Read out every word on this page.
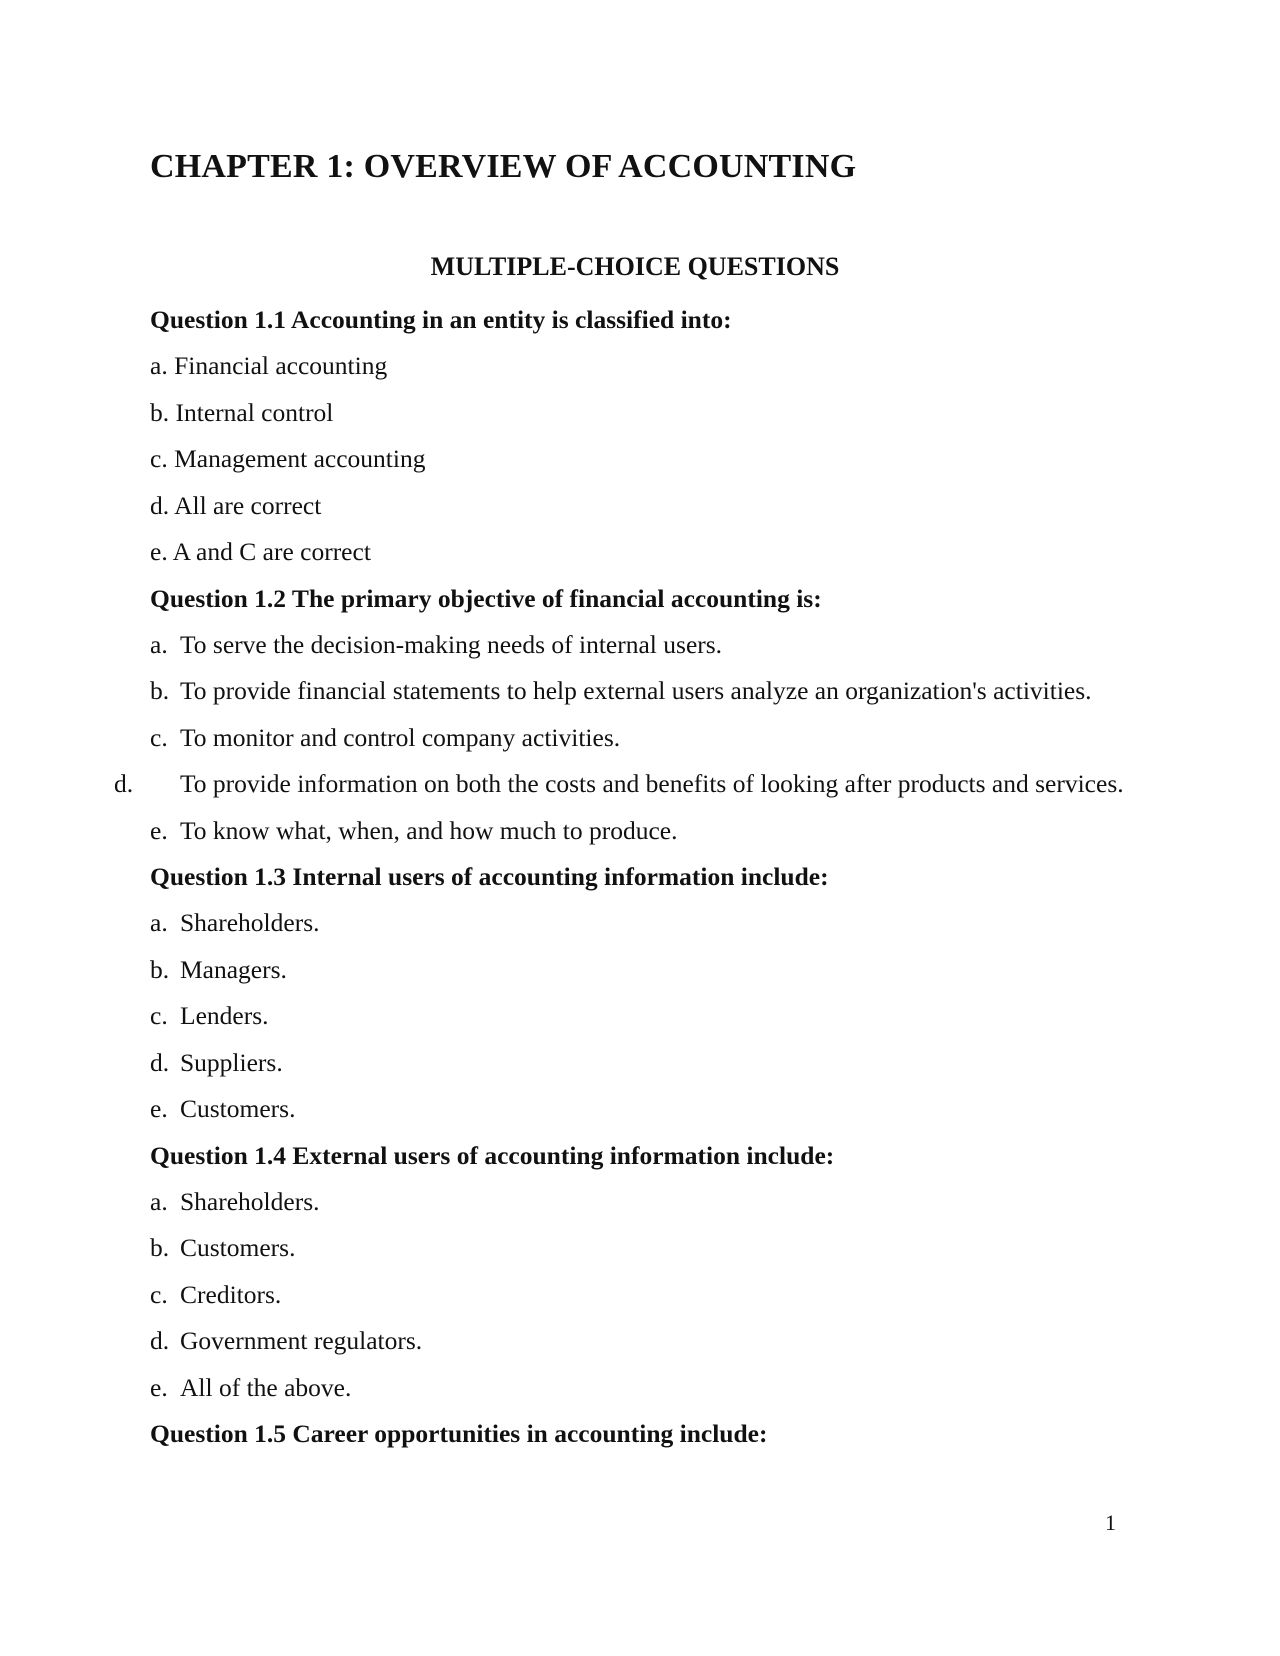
CHAPTER 1: OVERVIEW OF ACCOUNTING
MULTIPLE-CHOICE QUESTIONS
Question 1.1 Accounting in an entity is classified into:
a. Financial accounting
b. Internal control
c. Management accounting
d. All are correct
e. A and C are correct
Question 1.2 The primary objective of financial accounting is:
a. To serve the decision-making needs of internal users.
b. To provide financial statements to help external users analyze an organization's activities.
c. To monitor and control company activities.
d. To provide information on both the costs and benefits of looking after products and services.
e. To know what, when, and how much to produce.
Question 1.3 Internal users of accounting information include:
a. Shareholders.
b. Managers.
c. Lenders.
d. Suppliers.
e. Customers.
Question 1.4 External users of accounting information include:
a. Shareholders.
b. Customers.
c. Creditors.
d. Government regulators.
e. All of the above.
Question 1.5 Career opportunities in accounting include:
1
